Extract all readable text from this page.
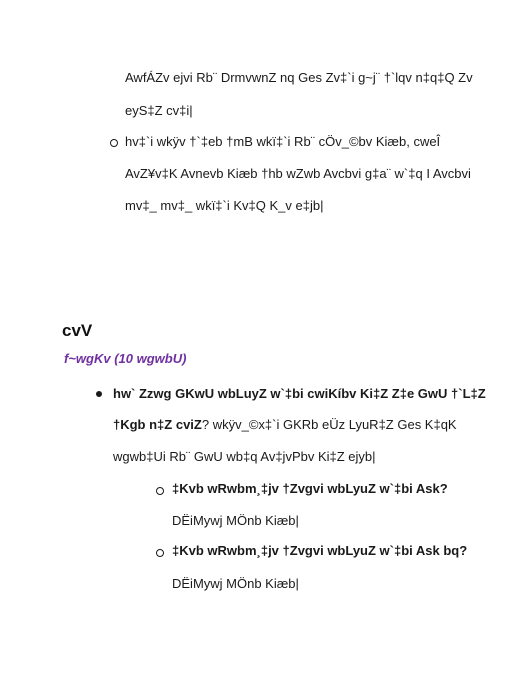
AwfÁZv ejvi Rb¨ DrmvwnZ nq Ges Zv‡`i g~j¨ †`lqv n‡q‡Q Zv
eyS‡Z cv‡i|
hv‡`i wkÿv †`‡eb †mB wkï‡`i Rb¨ cÖv_©bv Kiæb, cweÎ
AvZ¥v‡K Avnevb Kiæb †hb wZwb Avcbvi g‡a¨ w`‡q I Avcbvi
mv‡_ mv‡_ wkï‡`i Kv‡Q K_v e‡jb|
cvV
f~wgKv (10 wgwbU)
hw` Zzwg GKwU wbLuyZ w`‡bi cwiKíbv Ki‡Z Z‡e GwU †`L‡Z
†Kgb n‡Z cviZ? wkÿv_©x‡`i GKRb eÜz LyuR‡Z Ges K‡qK
wgwb‡Ui Rb¨ GwU wb‡q Av‡jvPbv Ki‡Z ejyb|
‡Kvb wRwbm¸‡jv †Zvgvi wbLyuZ w`‡bi Ask?
DËiMywj MÖnb Kiæb|
‡Kvb wRwbm¸‡jv †Zvgvi wbLyuZ w`‡bi Ask bq?
DËiMywj MÖnb Kiæb|
